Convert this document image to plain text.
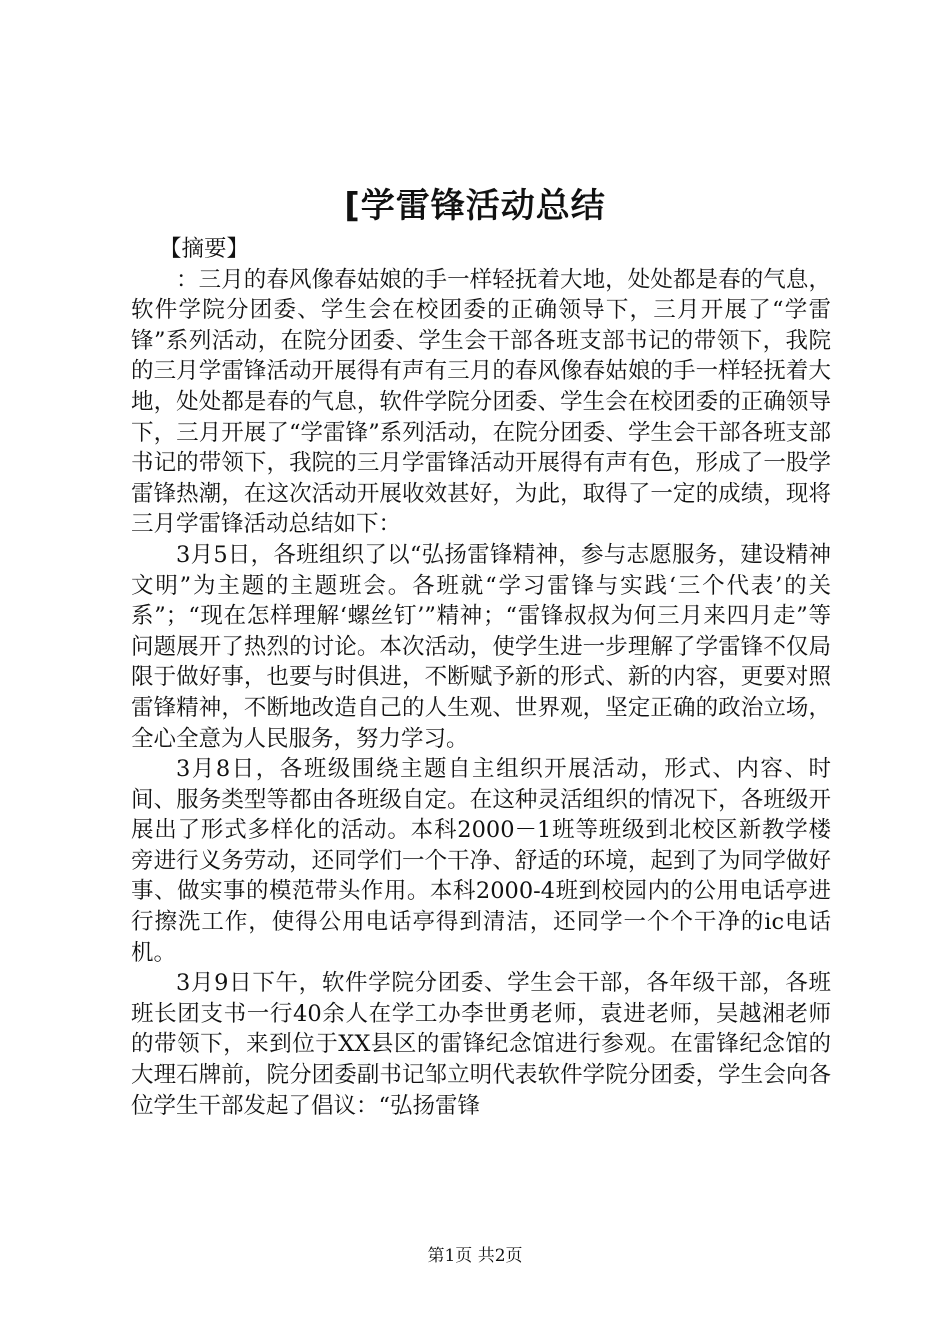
[学雷锋活动总结
【摘要】

：三月的春风像春姑娘的手一样轻抚着大地，处处都是春的气息，软件学院分团委、学生会在校团委的正确领导下，三月开展了“学雷锋”系列活动，在院分团委、学生会干部各班支部书记的带领下，我院的三月学雷锋活动开展得有声有三月的春风像春姑娘的手一样轻抚着大地，处处都是春的气息，软件学院分团委、学生会在校团委的正确领导下，三月开展了“学雷锋”系列活动，在院分团委、学生会干部各班支部书记的带领下，我院的三月学雷锋活动开展得有声有色，形成了一股学雷锋热潮，在这次活动开展收效甚好，为此，取得了一定的成绩，现将三月学雷锋活动总结如下：

3月5日，各班组织了以“弘扬雷锋精神，参与志愿服务，建设精神文明”为主题的主题班会。各班就“学习雷锋与实践‘三个代表’的关系”；“现在怎样理解‘螺丝钉’”精神；“雷锋叔叔为何三月来四月走”等问题展开了热烈的讨论。本次活动，使学生进一步理解了学雷锋不仅局限于做好事，也要与时俱进，不断赋予新的形式、新的内容，更要对照雷锋精神，不断地改造自己的人生观、世界观，坚定正确的政治立场，全心全意为人民服务，努力学习。

3月8日，各班级围绕主题自主组织开展活动，形式、内容、时间、服务类型等都由各班级自定。在这种灵活组织的情况下，各班级开展出了形式多样化的活动。本科2000－1班等班级到北校区新教学楼旁进行义务劳动，还同学们一个干净、舒适的环境，起到了为同学做好事、做实事的模范带头作用。本科2000-4班到校园内的公用电话亭进行擦洗工作，使得公用电话亭得到清洁，还同学一个个干净的ic电话机。

3月9日下午，软件学院分团委、学生会干部，各年级干部，各班班长团支书一行40余人在学工办李世勇老师，袁进老师，吴越湘老师的带领下，来到位于XX县区的雷锋纪念馆进行参观。在雷锋纪念馆的大理石牌前，院分团委副书记邹立明代表软件学院分团委，学生会向各位学生干部发起了倡议：“弘扬雷锋

第1页 共2页
